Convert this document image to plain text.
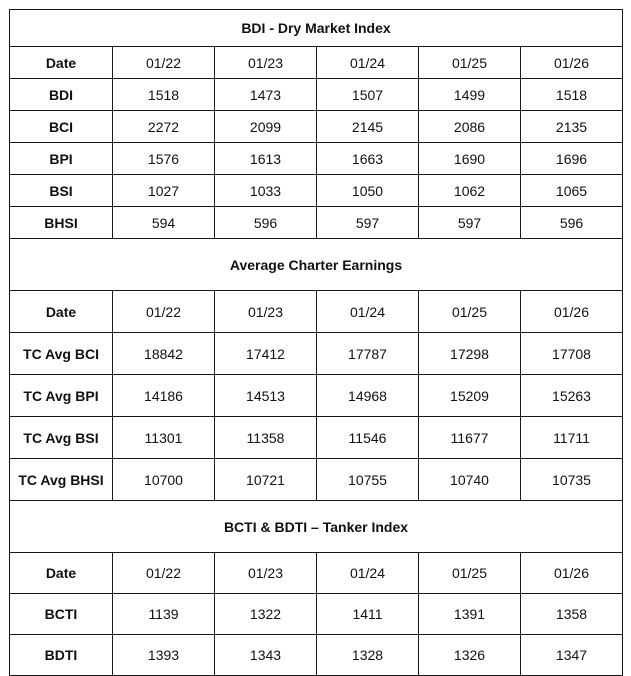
BDI - Dry Market Index					
Date	01/22	01/23	01/24	01/25	01/26
BDI	1518	1473	1507	1499	1518
BCI	2272	2099	2145	2086	2135
BPI	1576	1613	1663	1690	1696
BSI	1027	1033	1050	1062	1065
BHSI	594	596	597	597	596
Average Charter Earnings					
Date	01/22	01/23	01/24	01/25	01/26
TC Avg BCI	18842	17412	17787	17298	17708
TC Avg BPI	14186	14513	14968	15209	15263
TC Avg BSI	11301	11358	11546	11677	11711
TC Avg BHSI	10700	10721	10755	10740	10735
BCTI & BDTI – Tanker Index					
Date	01/22	01/23	01/24	01/25	01/26
BCTI	1139	1322	1411	1391	1358
BDTI	1393	1343	1328	1326	1347
